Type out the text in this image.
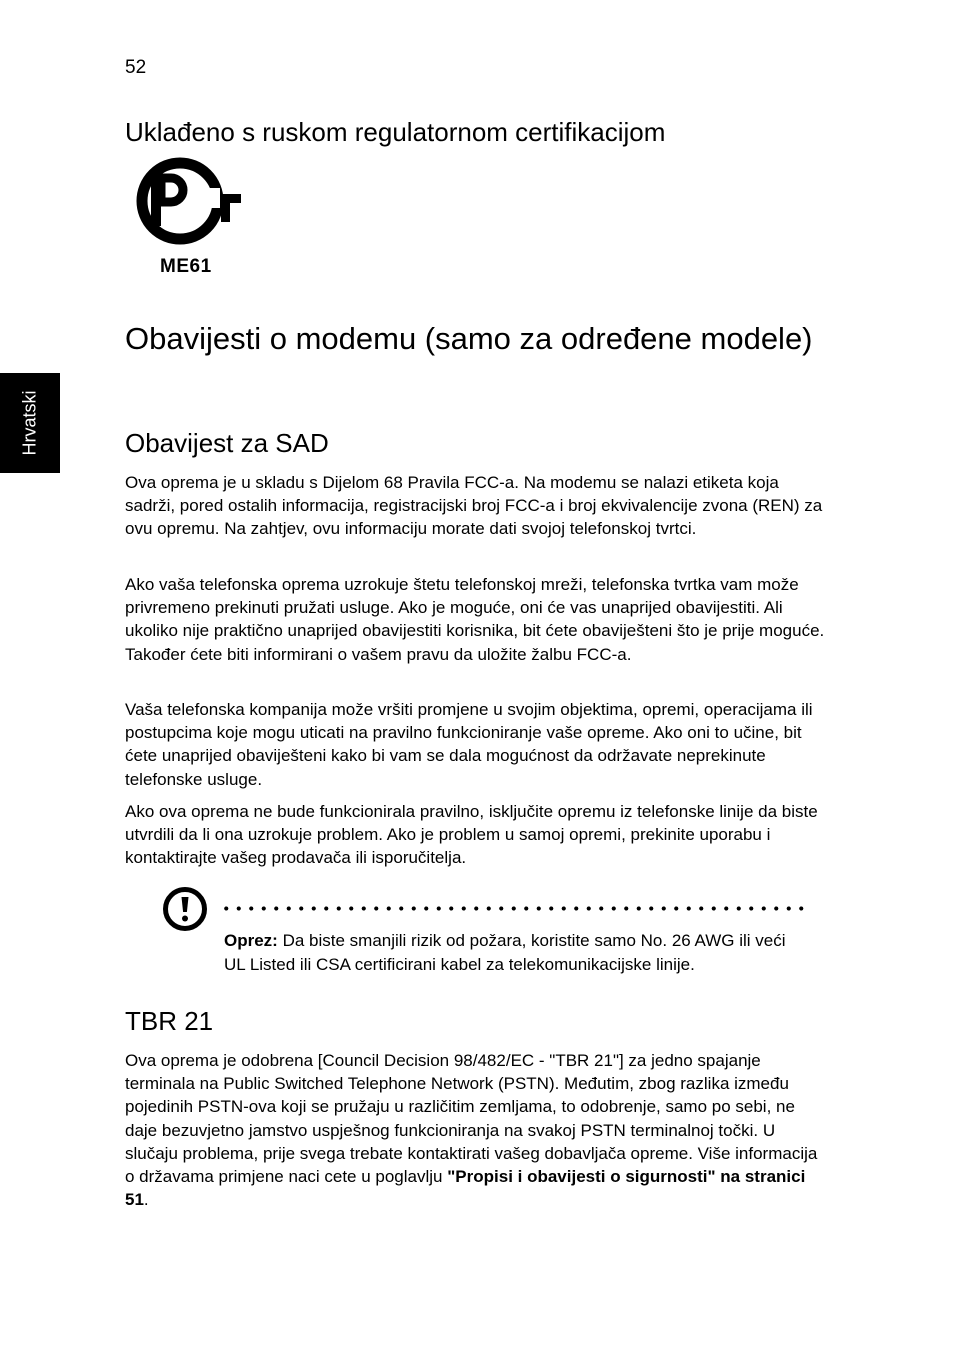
52
Hrvatski
Uklađeno s ruskom regulatornom certifikacijom
ME61
Obavijesti o modemu (samo za određene modele)
Obavijest za SAD

Ova oprema je u skladu s Dijelom 68 Pravila FCC-a. Na modemu se nalazi etiketa koja sadrži, pored ostalih informacija, registracijski broj FCC-a i broj ekvivalencije zvona (REN) za ovu opremu. Na zahtjev, ovu informaciju morate dati svojoj telefonskoj tvrtci.

Ako vaša telefonska oprema uzrokuje štetu telefonskoj mreži, telefonska tvrtka vam može privremeno prekinuti pružati usluge. Ako je moguće, oni će vas unaprijed obavijestiti. Ali ukoliko nije praktično unaprijed obavijestiti korisnika, bit ćete obaviješteni što je prije moguće. Također ćete biti informirani o vašem pravu da uložite žalbu FCC-a.

Vaša telefonska kompanija može vršiti promjene u svojim objektima, opremi, operacijama ili postupcima koje mogu uticati na pravilno funkcioniranje vaše opreme. Ako oni to učine, bit ćete unaprijed obaviješteni kako bi vam se dala mogućnost da održavate neprekinute telefonske usluge.

Ako ova oprema ne bude funkcionirala pravilno, isključite opremu iz telefonske linije da biste utvrdili da li ona uzrokuje problem. Ako je problem u samoj opremi, prekinite uporabu i kontaktirajte vašeg prodavača ili isporučitelja.

Oprez: Da biste smanjili rizik od požara, koristite samo No. 26 AWG ili veći UL Listed ili CSA certificirani kabel za telekomunikacijske linije.

TBR 21

Ova oprema je odobrena [Council Decision 98/482/EC - "TBR 21"] za jedno spajanje terminala na Public Switched Telephone Network (PSTN). Međutim, zbog razlika između pojedinih PSTN-ova koji se pružaju u različitim zemljama, to odobrenje, samo po sebi, ne daje bezuvjetno jamstvo uspješnog funkcioniranja na svakoj PSTN terminalnoj točki. U slučaju problema, prije svega trebate kontaktirati vašeg dobavljača opreme. Više informacija o državama primjene naci cete u poglavlju "Propisi i obavijesti o sigurnosti" na stranici 51.
